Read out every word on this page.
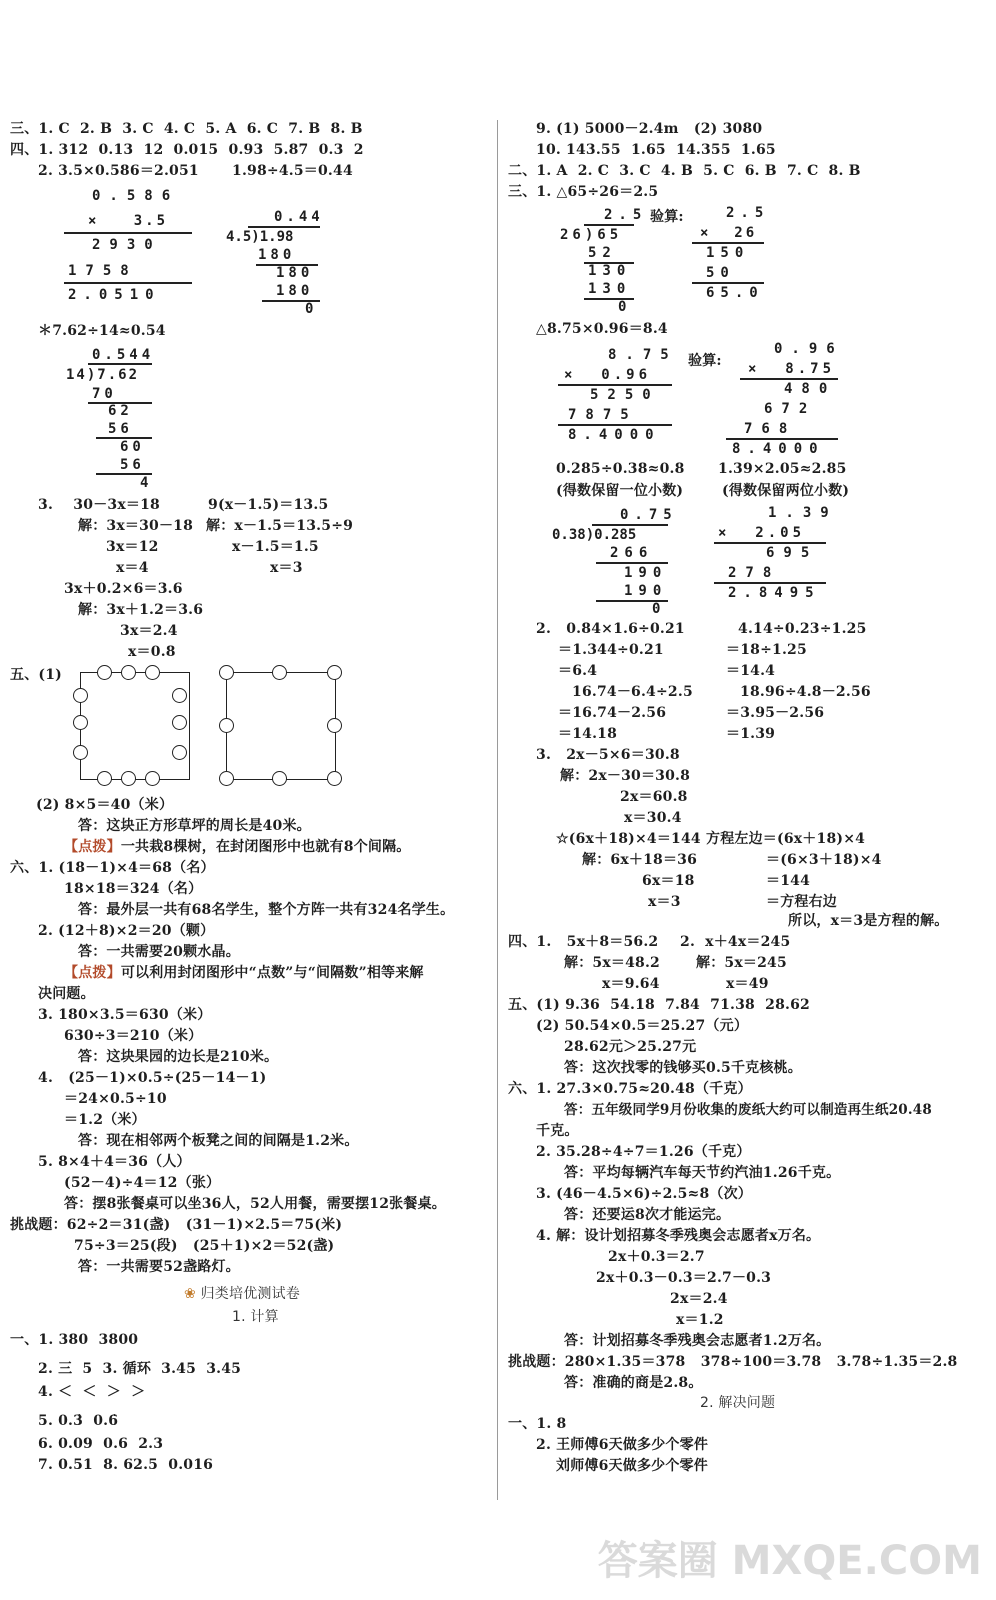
三、1. C  2. B  3. C  4. C  5. A  6. C  7. B  8. B
四、1. 312  0.13  12  0.015  0.93  5.87  0.3  2
2. 3.5×0.586＝2.051 1.98÷4.5＝0.44
0.586
×   3.5
2930
1758
2.0510
0.44
4.5)1.98
180
180
180
0
＊7.62÷14≈0.54
0.544
14)7.62
70
62
56
60
56
4
3.    30－3x＝18
解：3x＝30－18
3x＝12
x＝4
9(x－1.5)＝13.5
解：x－1.5＝13.5÷9
x－1.5＝1.5
x＝3
3x＋0.2×6＝3.6
解：3x＋1.2＝3.6
3x＝2.4
x＝0.8
五、(1)
(2) 8×5＝40（米）
答：这块正方形草坪的周长是40米。
【点拨】一共栽8棵树，在封闭图形中也就有8个间隔。
六、1. (18－1)×4＝68（名）
18×18＝324（名）
答：最外层一共有68名学生，整个方阵一共有324名学生。
2. (12＋8)×2＝20（颗）
答：一共需要20颗水晶。
【点拨】可以利用封闭图形中“点数”与“间隔数”相等来解
决问题。
3. 180×3.5＝630（米）
630÷3＝210（米）
答：这块果园的边长是210米。
4.   (25－1)×0.5÷(25－14－1)
＝24×0.5÷10
＝1.2（米）
答：现在相邻两个板凳之间的间隔是1.2米。
5. 8×4＋4＝36（人）
(52－4)÷4＝12（张）
答：摆8张餐桌可以坐36人，52人用餐，需要摆12张餐桌。
挑战题：62÷2＝31(盏)   (31－1)×2.5＝75(米)
75÷3＝25(段)   (25＋1)×2＝52(盏)
答：一共需要52盏路灯。
❀ 归类培优测试卷
1. 计算
一、1. 380  3800
2. 三  5  3. 循环  3.45  3.45
4. ＜  ＜  ＞  ＞
5. 0.3̇  0.6̇
6. 0.09  0.6  2.3
7. 0.51  8. 62.5  0.016
9. (1) 5000－2.4m   (2) 3080
10. 143.55  1.65  14.355  1.65
二、1. A  2. C  3. C  4. B  5. C  6. B  7. C  8. B
三、1. △65÷26＝2.5
2.5
26)65
52
130
130
0
验算:	2.5
×  26
150
50
65.0
△8.75×0.96＝8.4
8.75
×  0.96
5250
7875
8.4000
验算:
0.96
×  8.75
480
672
768
8.4000
0.285÷0.38≈0.8 1.39×2.05≈2.85
(得数保留一位小数)	(得数保留两位小数)
0.75
0.38)0.285
266
190
190
0
1.39
×  2.05
695
278
2.8495
2.   0.84×1.6÷0.21
＝1.344÷0.21
＝6.4
16.74－6.4÷2.5
＝16.74－2.56
＝14.18
4.14÷0.23÷1.25
＝18÷1.25
＝14.4
18.96÷4.8－2.56
＝3.95－2.56
＝1.39
3.   2x－5×6＝30.8
解：2x－30＝30.8
2x＝60.8
x＝30.4
☆(6x＋18)×4＝144
解：6x＋18＝36
6x＝18
x＝3
方程左边＝(6x＋18)×4
＝(6×3＋18)×4
＝144
＝方程右边
所以，x＝3是方程的解。
四、1.   5x＋8＝56.2
解：5x＝48.2
x＝9.64
2.  x＋4x＝245
解：5x＝245
x＝49
五、(1) 9.36  54.18  7.84  71.38  28.62
(2) 50.54×0.5＝25.27（元）
28.62元＞25.27元
答：这次找零的钱够买0.5千克核桃。
六、1. 27.3×0.75≈20.48（千克）
答：五年级同学9月份收集的废纸大约可以制造再生纸20.48
千克。
2. 35.28÷4÷7＝1.26（千克）
答：平均每辆汽车每天节约汽油1.26千克。
3. (46－4.5×6)÷2.5≈8（次）
答：还要运8次才能运完。
4. 解：设计划招募冬季残奥会志愿者x万名。
2x＋0.3＝2.7
2x＋0.3－0.3＝2.7－0.3
2x＝2.4
x＝1.2
答：计划招募冬季残奥会志愿者1.2万名。
挑战题：280×1.35＝378   378÷100＝3.78   3.78÷1.35＝2.8
答：准确的商是2.8。
2. 解决问题
一、1. 8
2. 王师傅6天做多少个零件
刘师傅6天做多少个零件
答案圈 MXQE.COM
